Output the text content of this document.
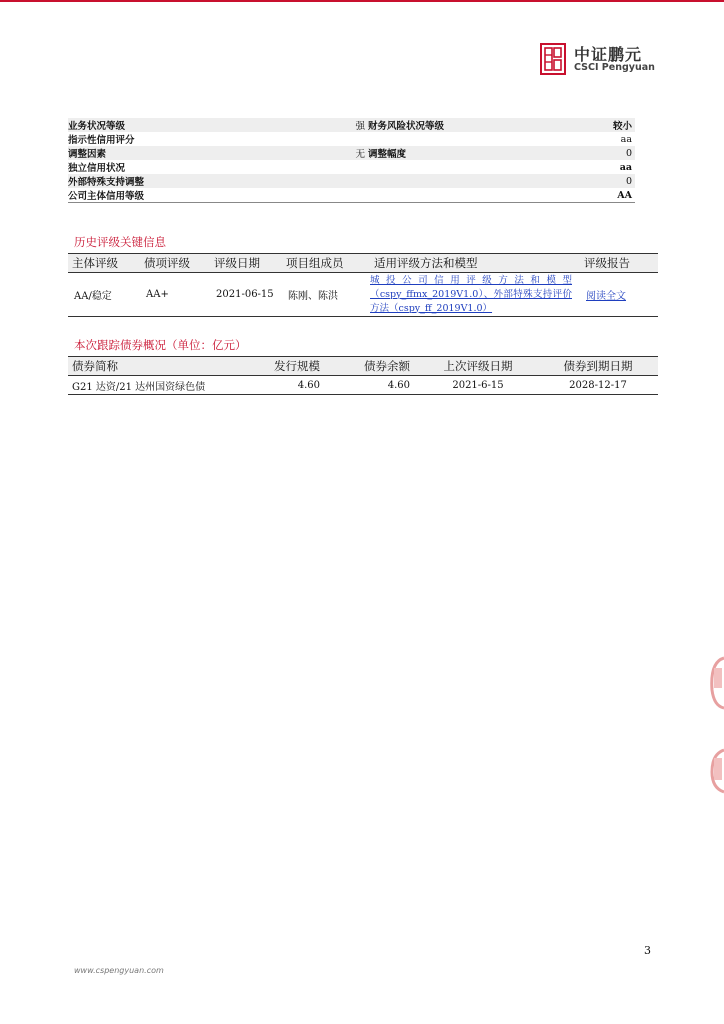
中证鹏元
CSCI Pengyuan
业务状况等级	强	财务风险状况等级	较小
指示性信用评分			aa
调整因素	无	调整幅度	0
独立信用状况			aa
外部特殊支持调整			0
公司主体信用等级			AA
历史评级关键信息
主体评级	债项评级	评级日期	项目组成员	适用评级方法和模型	评级报告
AA/稳定	AA+	2021-06-15	陈刚、陈洪	城投公司信用评级方法和模型（cspy_ffmx_2019V1.0）、外部特殊支持评价方法（cspy_ff_2019V1.0）	阅读全文
本次跟踪债券概况（单位：亿元）
债券简称	发行规模	债券余额	上次评级日期	债券到期日期
G21 达资/21 达州国资绿色债	4.60	4.60	2021-6-15	2028-12-17
3
www.cspengyuan.com
